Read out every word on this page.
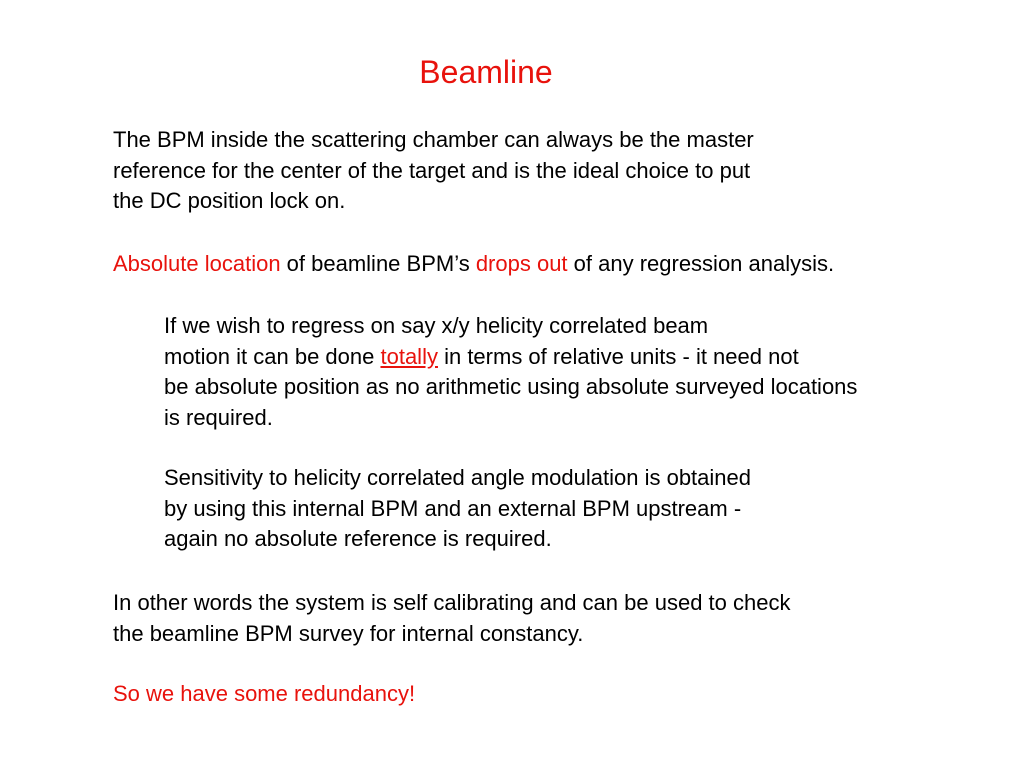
Beamline
The BPM inside the scattering chamber can always be the master
reference for the center of the target and is the ideal choice to put
the DC position lock on.
Absolute location of beamline BPM’s drops out of any regression analysis.
If we wish to regress on say x/y helicity correlated beam
motion it can be done totally in terms of relative units - it need not
be absolute position as no arithmetic using absolute surveyed locations
is required.
Sensitivity to helicity correlated angle modulation is obtained
by using this internal BPM and an external BPM upstream -
again no absolute reference is required.
In other words the system is self calibrating and can be used to check
the beamline BPM survey for internal constancy.
So we have some redundancy!
